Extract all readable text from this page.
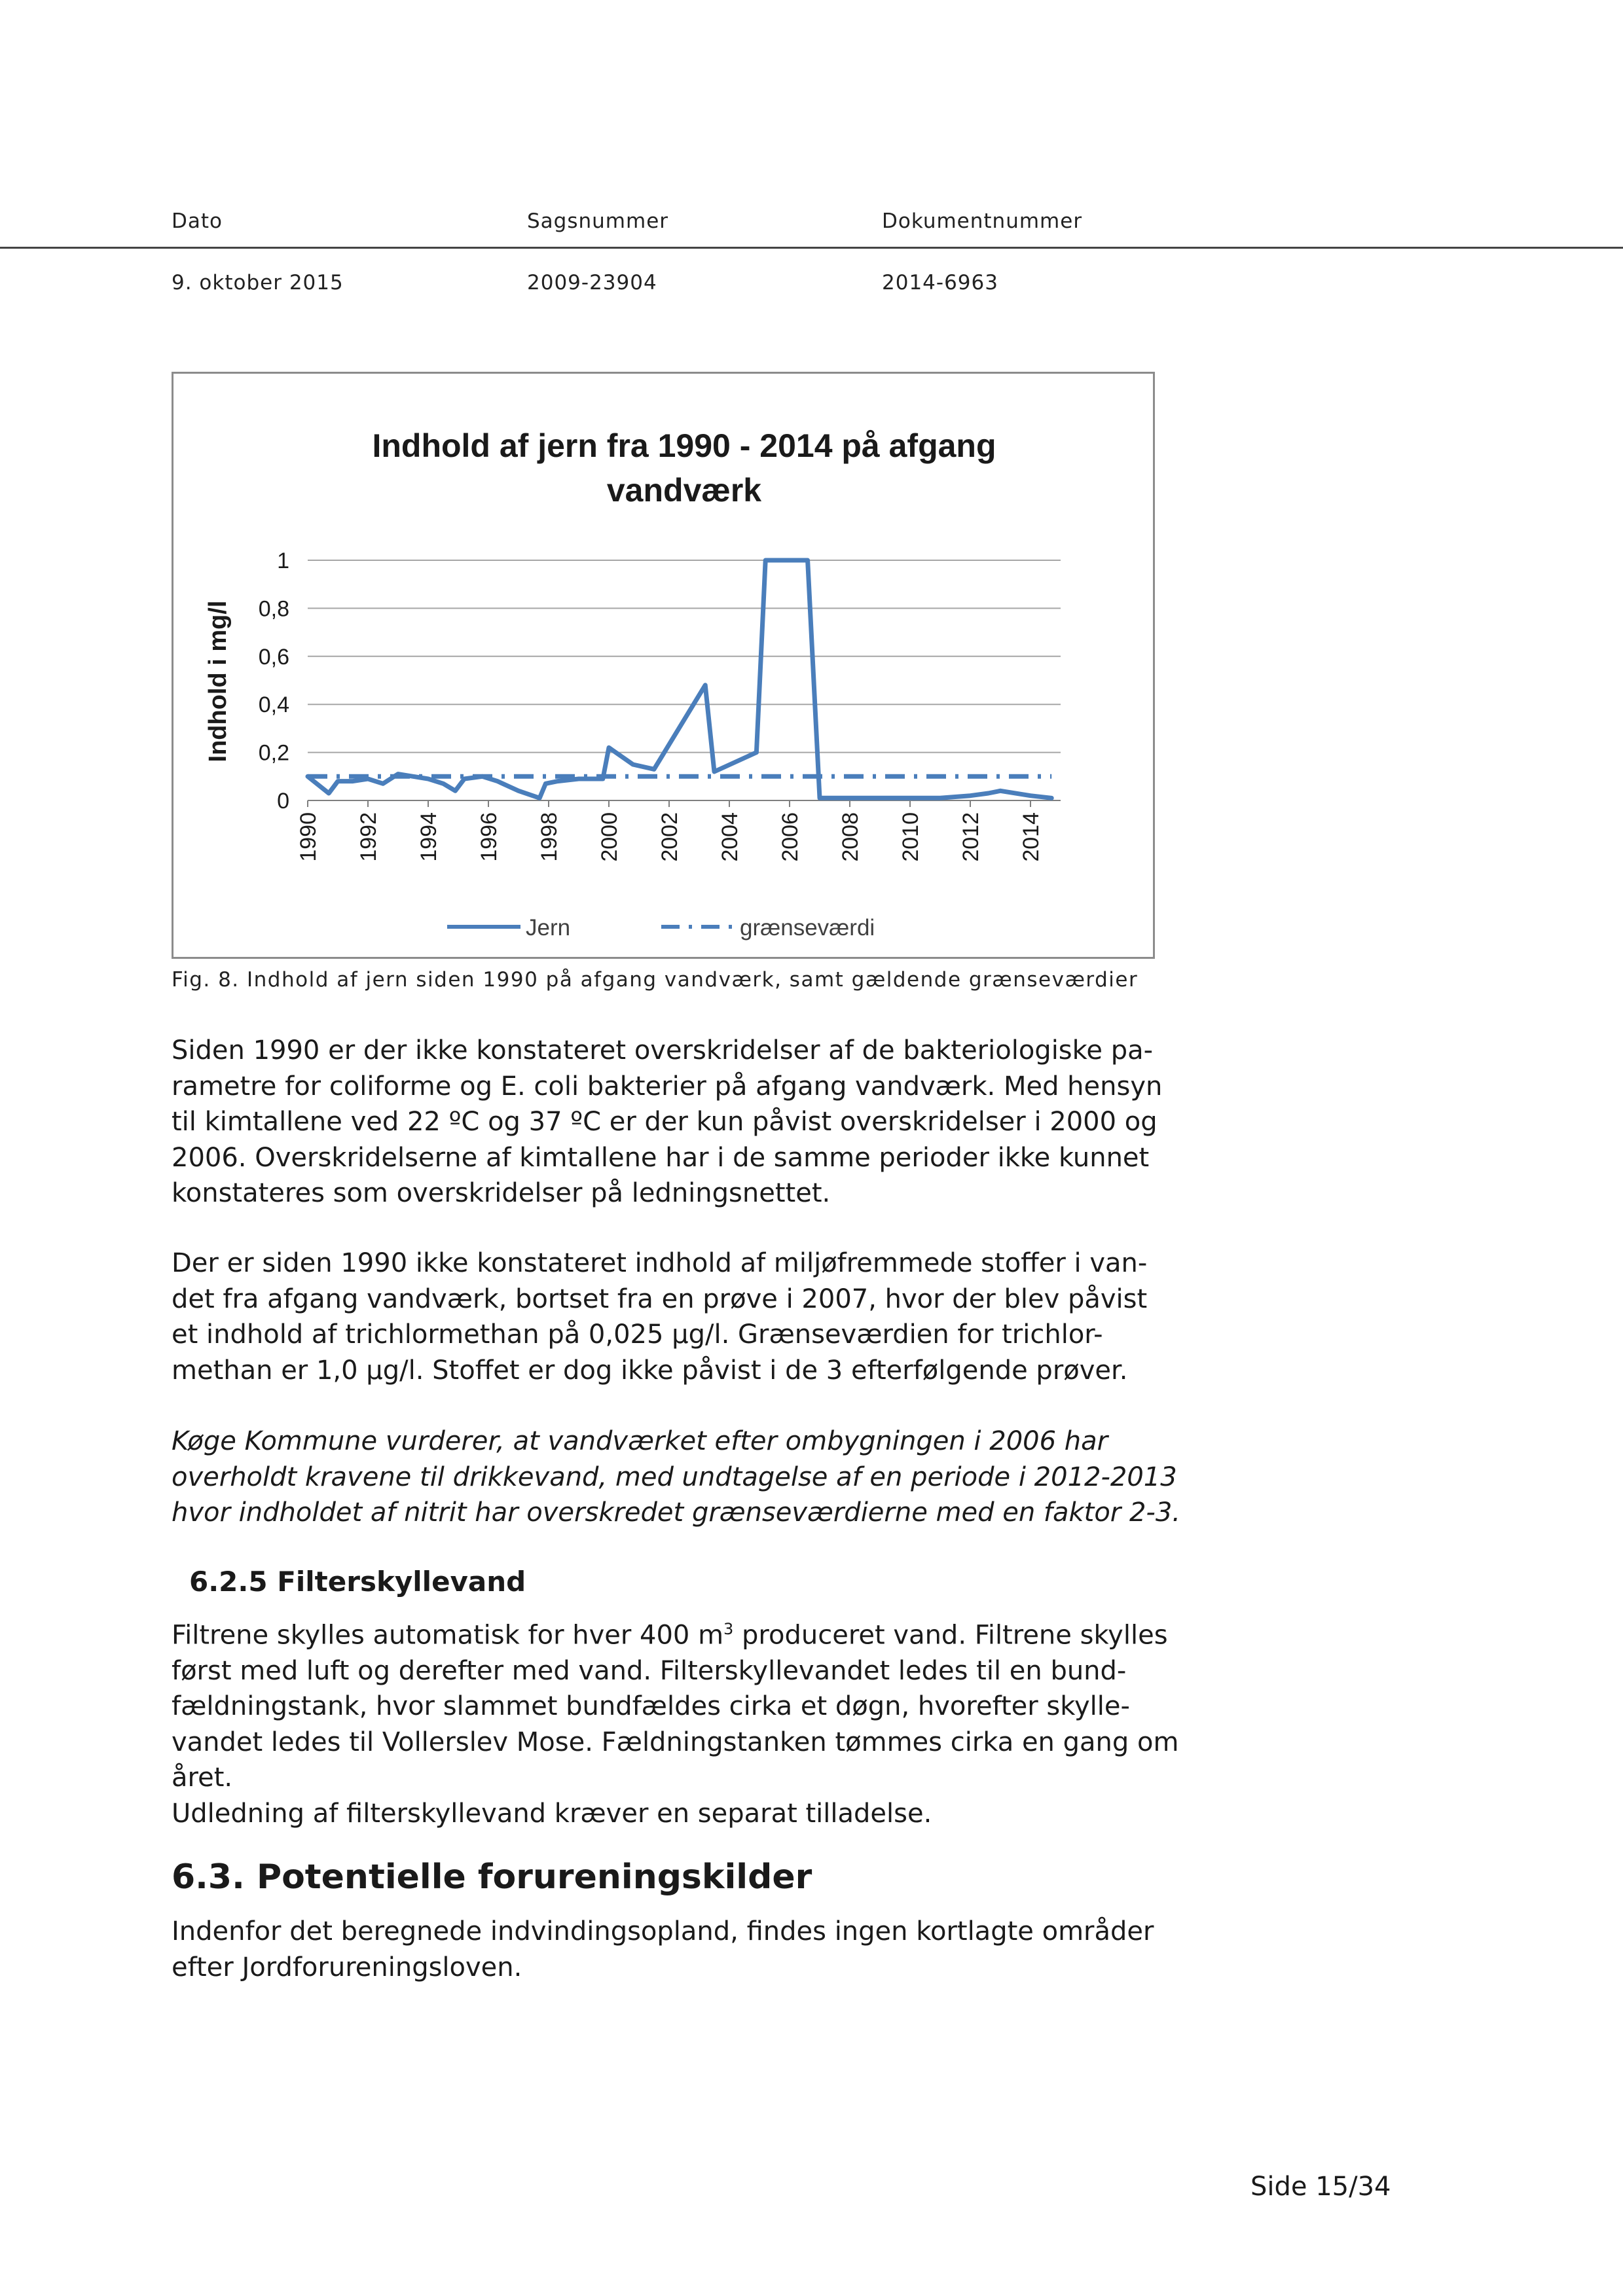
Dato	Sagsnummer	Dokumentnummer
9. oktober 2015	2009-23904	2014-6963
Indhold af jern fra 1990 - 2014 på afgang
vandværk
Indhold i mg/l
0
0,2
0,4
0,6
0,8
1
1990 1992 1994 1996 1998 2000 2002 2004 2006 2008 2010 2012 2014
Jern	grænseværdi
Fig. 8. Indhold af jern siden 1990 på afgang vandværk, samt gældende grænseværdier
Siden 1990 er der ikke konstateret overskridelser af de bakteriologiske pa-
rametre for coliforme og E. coli bakterier på afgang vandværk. Med hensyn
til kimtallene ved 22 ºC og 37 ºC er der kun påvist overskridelser i 2000 og
2006. Overskridelserne af kimtallene har i de samme perioder ikke kunnet
konstateres som overskridelser på ledningsnettet.
Der er siden 1990 ikke konstateret indhold af miljøfremmede stoffer i van-
det fra afgang vandværk, bortset fra en prøve i 2007, hvor der blev påvist
et indhold af trichlormethan på 0,025 µg/l. Grænseværdien for trichlor-
methan er 1,0 µg/l. Stoffet er dog ikke påvist i de 3 efterfølgende prøver.
Køge Kommune vurderer, at vandværket efter ombygningen i 2006 har
overholdt kravene til drikkevand, med undtagelse af en periode i 2012-2013
hvor indholdet af nitrit har overskredet grænseværdierne med en faktor 2-3.
6.2.5 Filterskyllevand
Filtrene skylles automatisk for hver 400 $m^3$ produceret vand. Filtrene skylles
først med luft og derefter med vand. Filterskyllevandet ledes til en bund-
fældningstank, hvor slammet bundfældes cirka et døgn, hvorefter skylle-
vandet ledes til Vollerslev Mose. Fældningstanken tømmes cirka en gang om
året.
Udledning af filterskyllevand kræver en separat tilladelse.
6.3. Potentielle forureningskilder
Indenfor det beregnede indvindingsopland, findes ingen kortlagte områder
efter Jordforureningsloven.
Side 15/34
